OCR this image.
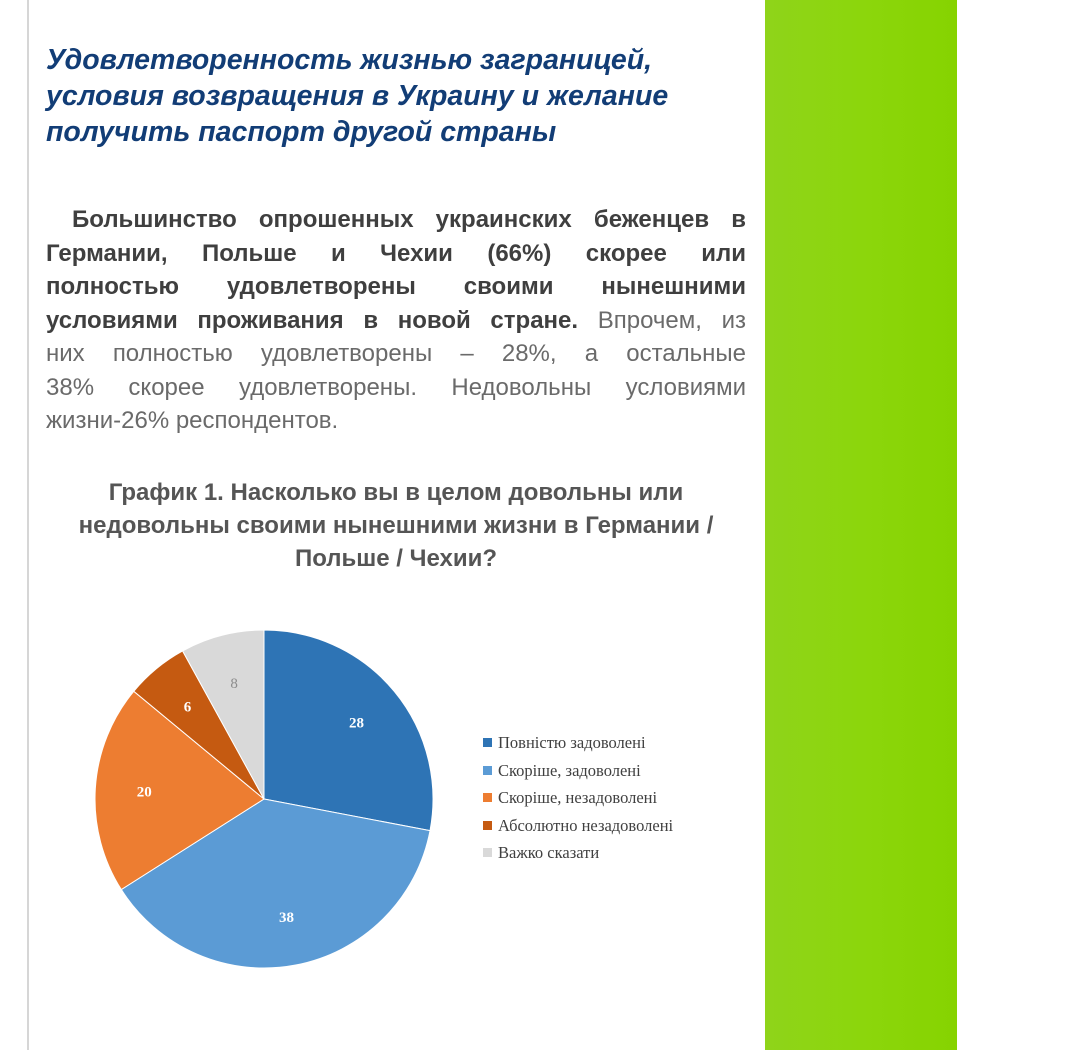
Удовлетворенность жизнью заграницей,
условия возвращения в Украину и желание
получить паспорт другой страны
Большинство опрошенных украинских беженцев в
Германии, Польше и Чехии (66%) скорее или
полностью удовлетворены своими нынешними
условиями проживания в новой стране. Впрочем, из
них полностью удовлетворены – 28%, а остальные
38% скорее удовлетворены. Недовольны условиями
жизни-26% респондентов.
График 1. Насколько вы в целом довольны или
недовольны своими нынешними жизни в Германии /
Польше / Чехии?
28
38
20
6
8
Повністю задоволені
Скоріше, задоволені
Скоріше, незадоволені
Абсолютно незадоволені
Важко сказати
